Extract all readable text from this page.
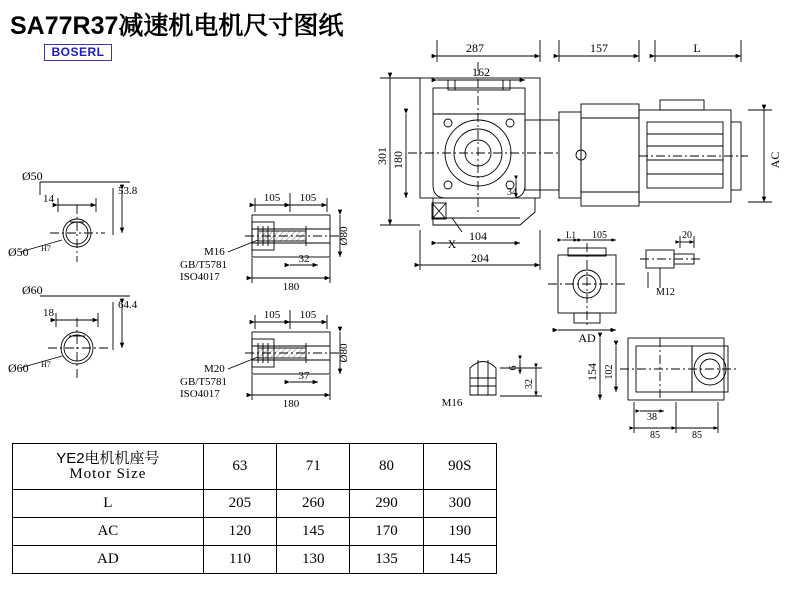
SA77R37减速机电机尺寸图纸
BOSERL	287	157	L
162
301 180
34
104
204
AC
X
L1 105
AD
20
M12
154 102
38
85	85
6
32
M16
Ø50
53.8
14
Ø50 H7
Ø60
64.4
18
Ø60 H7
105 105
180
32
Ø80
M16
GB/T5781
ISO4017
105 105
180
37
Ø80
M20
GB/T5781
ISO4017
YE2电机机座号
Motor Size	63	71	80	90S
L	205	260	290	300
AC	120	145	170	190
AD	110	130	135	145
